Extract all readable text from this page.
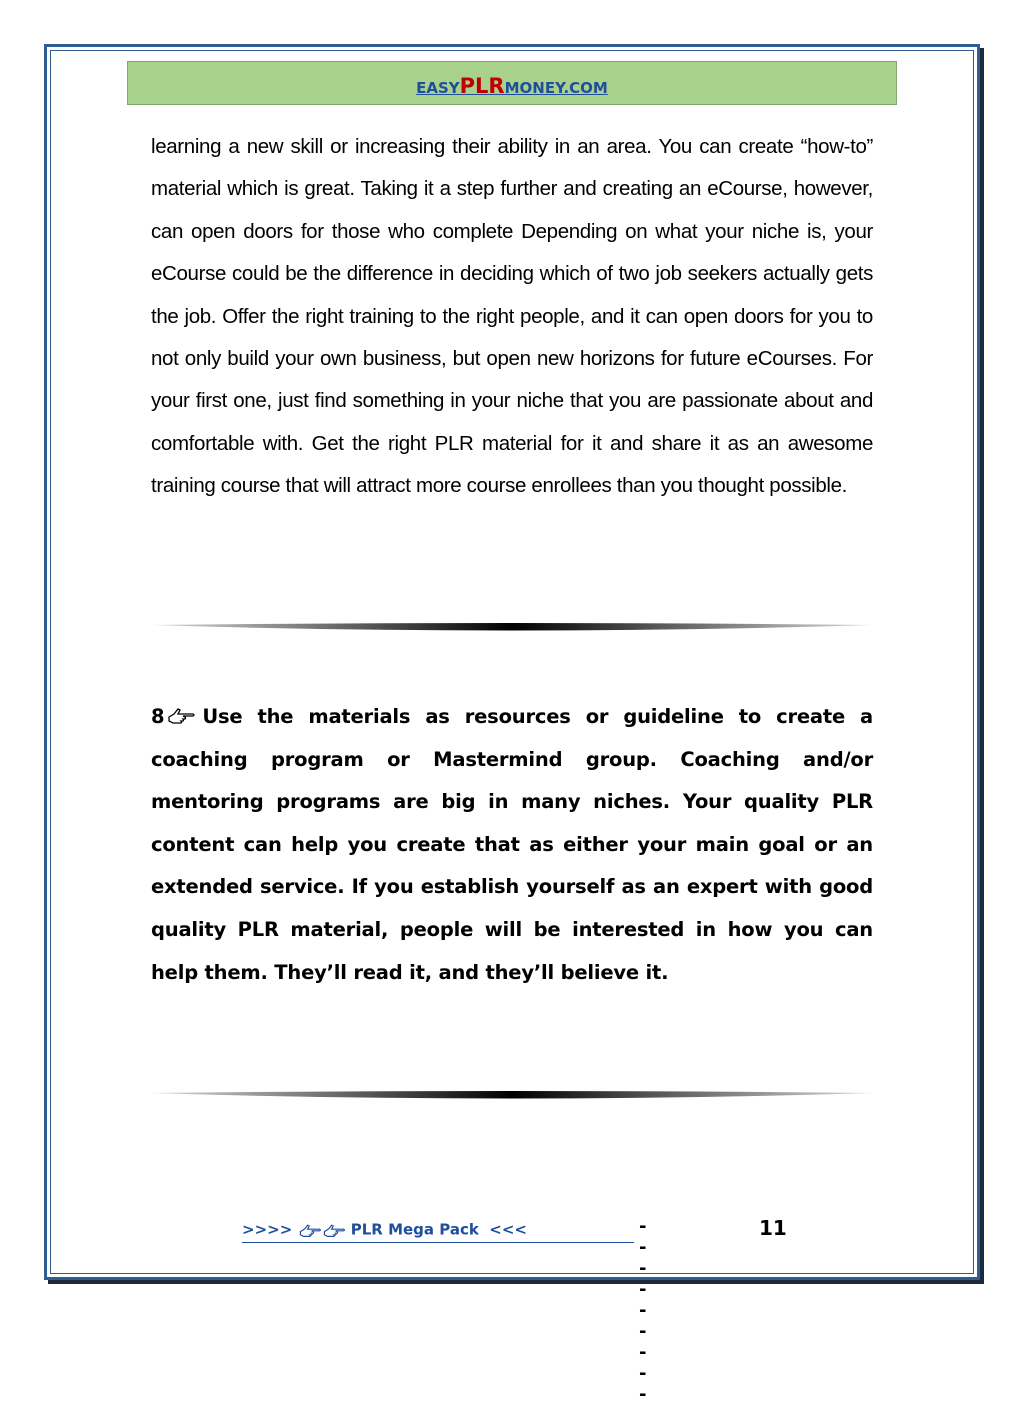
EASYPLRMONEY.COM
learning a new skill or increasing their ability in an area. You can create “how-to” material which is great. Taking it a step further and creating an eCourse, however, can open doors for those who complete Depending on what your niche is, your eCourse could be the difference in deciding which of two job seekers actually gets the job. Offer the right training to the right people, and it can open doors for you to not only build your own business, but open new horizons for future eCourses. For your first one, just find something in your niche that you are passionate about and comfortable with. Get the right PLR material for it and share it as an awesome training course that will attract more course enrollees than you thought possible.
8 Use the materials as resources or guideline to create a coaching program or Mastermind group. Coaching and/or mentoring programs are big in many niches. Your quality PLR content can help you create that as either your main goal or an extended service. If you establish yourself as an expert with good quality PLR material, people will be interested in how you can help them. They’ll read it, and they’ll believe it.
>>>>	PLR Mega Pack <<<	---------
11
